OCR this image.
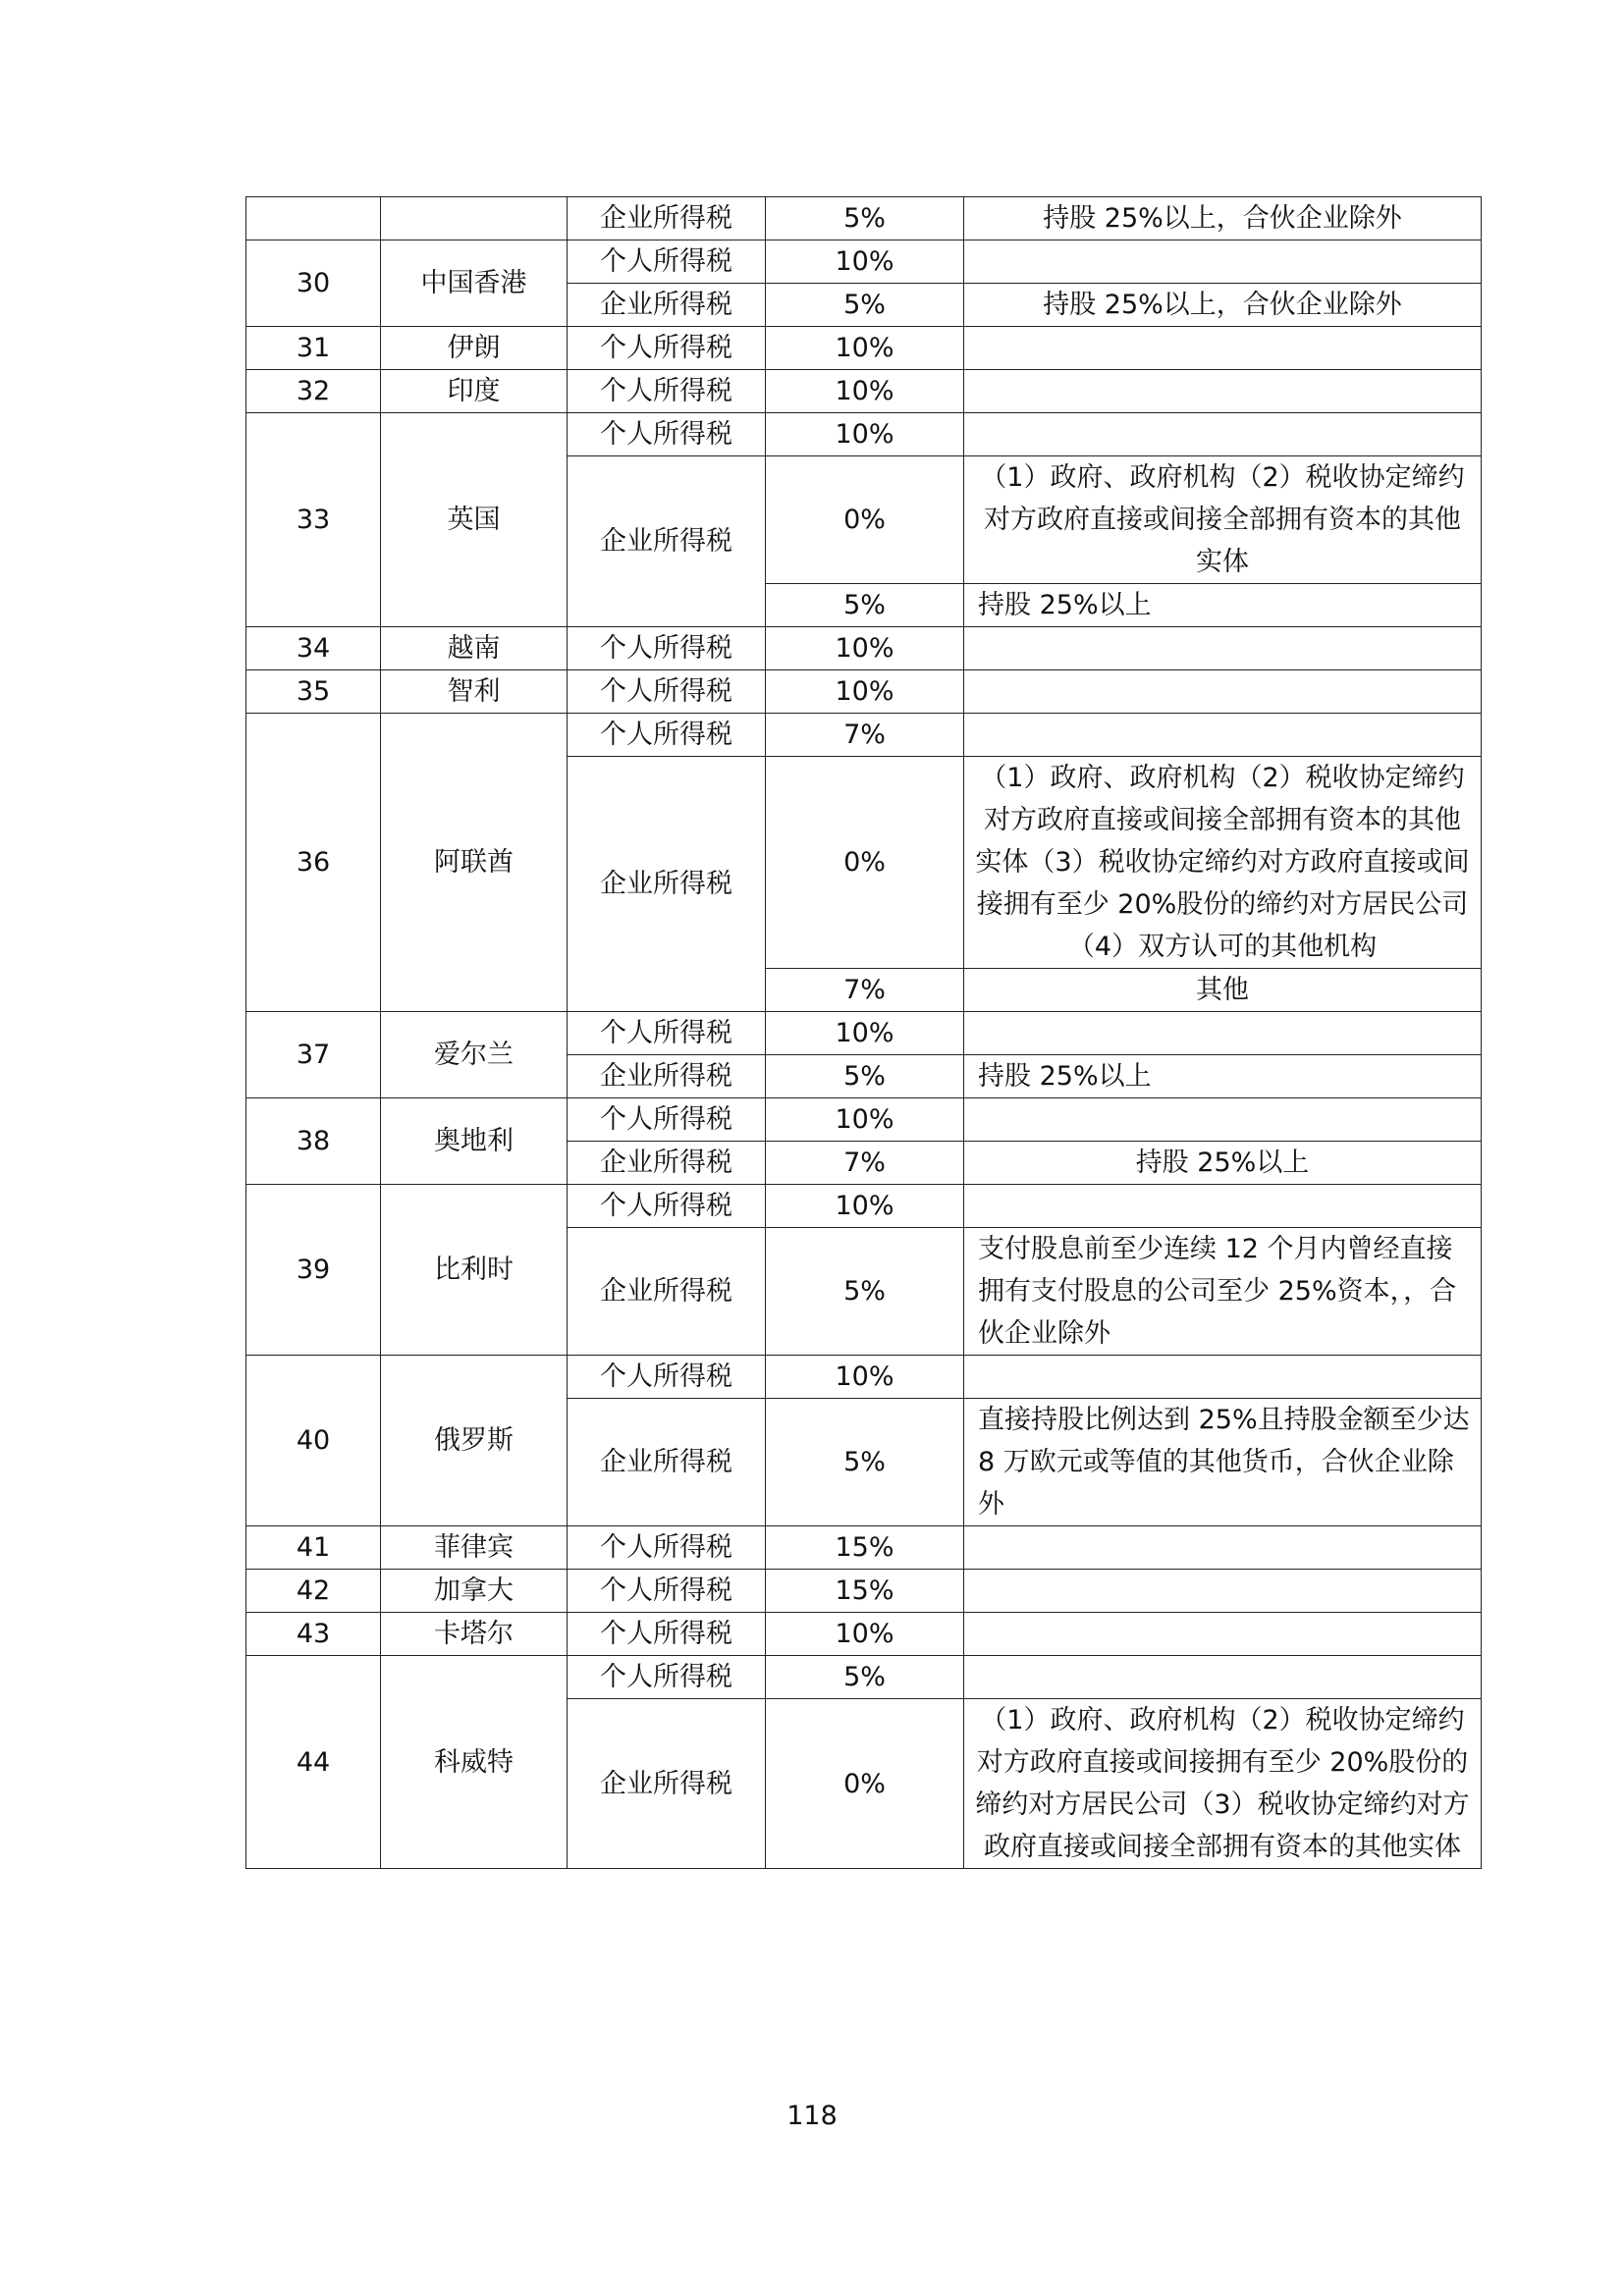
		企业所得税	5%	持股 25%以上，合伙企业除外
30	中国香港	个人所得税	10%	
		企业所得税	5%	持股 25%以上，合伙企业除外
31	伊朗	个人所得税	10%	
32	印度	个人所得税	10%	
33	英国	个人所得税	10%	
		企业所得税	0%	（1）政府、政府机构（2）税收协定缔约对方政府直接或间接全部拥有资本的其他实体
			5%	持股 25%以上
34	越南	个人所得税	10%	
35	智利	个人所得税	10%	
36	阿联酋	个人所得税	7%	
		企业所得税	0%	（1）政府、政府机构（2）税收协定缔约对方政府直接或间接全部拥有资本的其他实体（3）税收协定缔约对方政府直接或间接拥有至少 20%股份的缔约对方居民公司（4）双方认可的其他机构
			7%	其他
37	爱尔兰	个人所得税	10%	
		企业所得税	5%	持股 25%以上
38	奥地利	个人所得税	10%	
		企业所得税	7%	持股 25%以上
39	比利时	个人所得税	10%	
		企业所得税	5%	支付股息前至少连续 12 个月内曾经直接拥有支付股息的公司至少 25%资本，，合伙企业除外
40	俄罗斯	个人所得税	10%	
		企业所得税	5%	直接持股比例达到 25%且持股金额至少达 8 万欧元或等值的其他货币，合伙企业除外
41	菲律宾	个人所得税	15%	
42	加拿大	个人所得税	15%	
43	卡塔尔	个人所得税	10%	
44	科威特	个人所得税	5%	
		企业所得税	0%	（1）政府、政府机构（2）税收协定缔约对方政府直接或间接拥有至少 20%股份的缔约对方居民公司（3）税收协定缔约对方政府直接或间接全部拥有资本的其他实体
118
